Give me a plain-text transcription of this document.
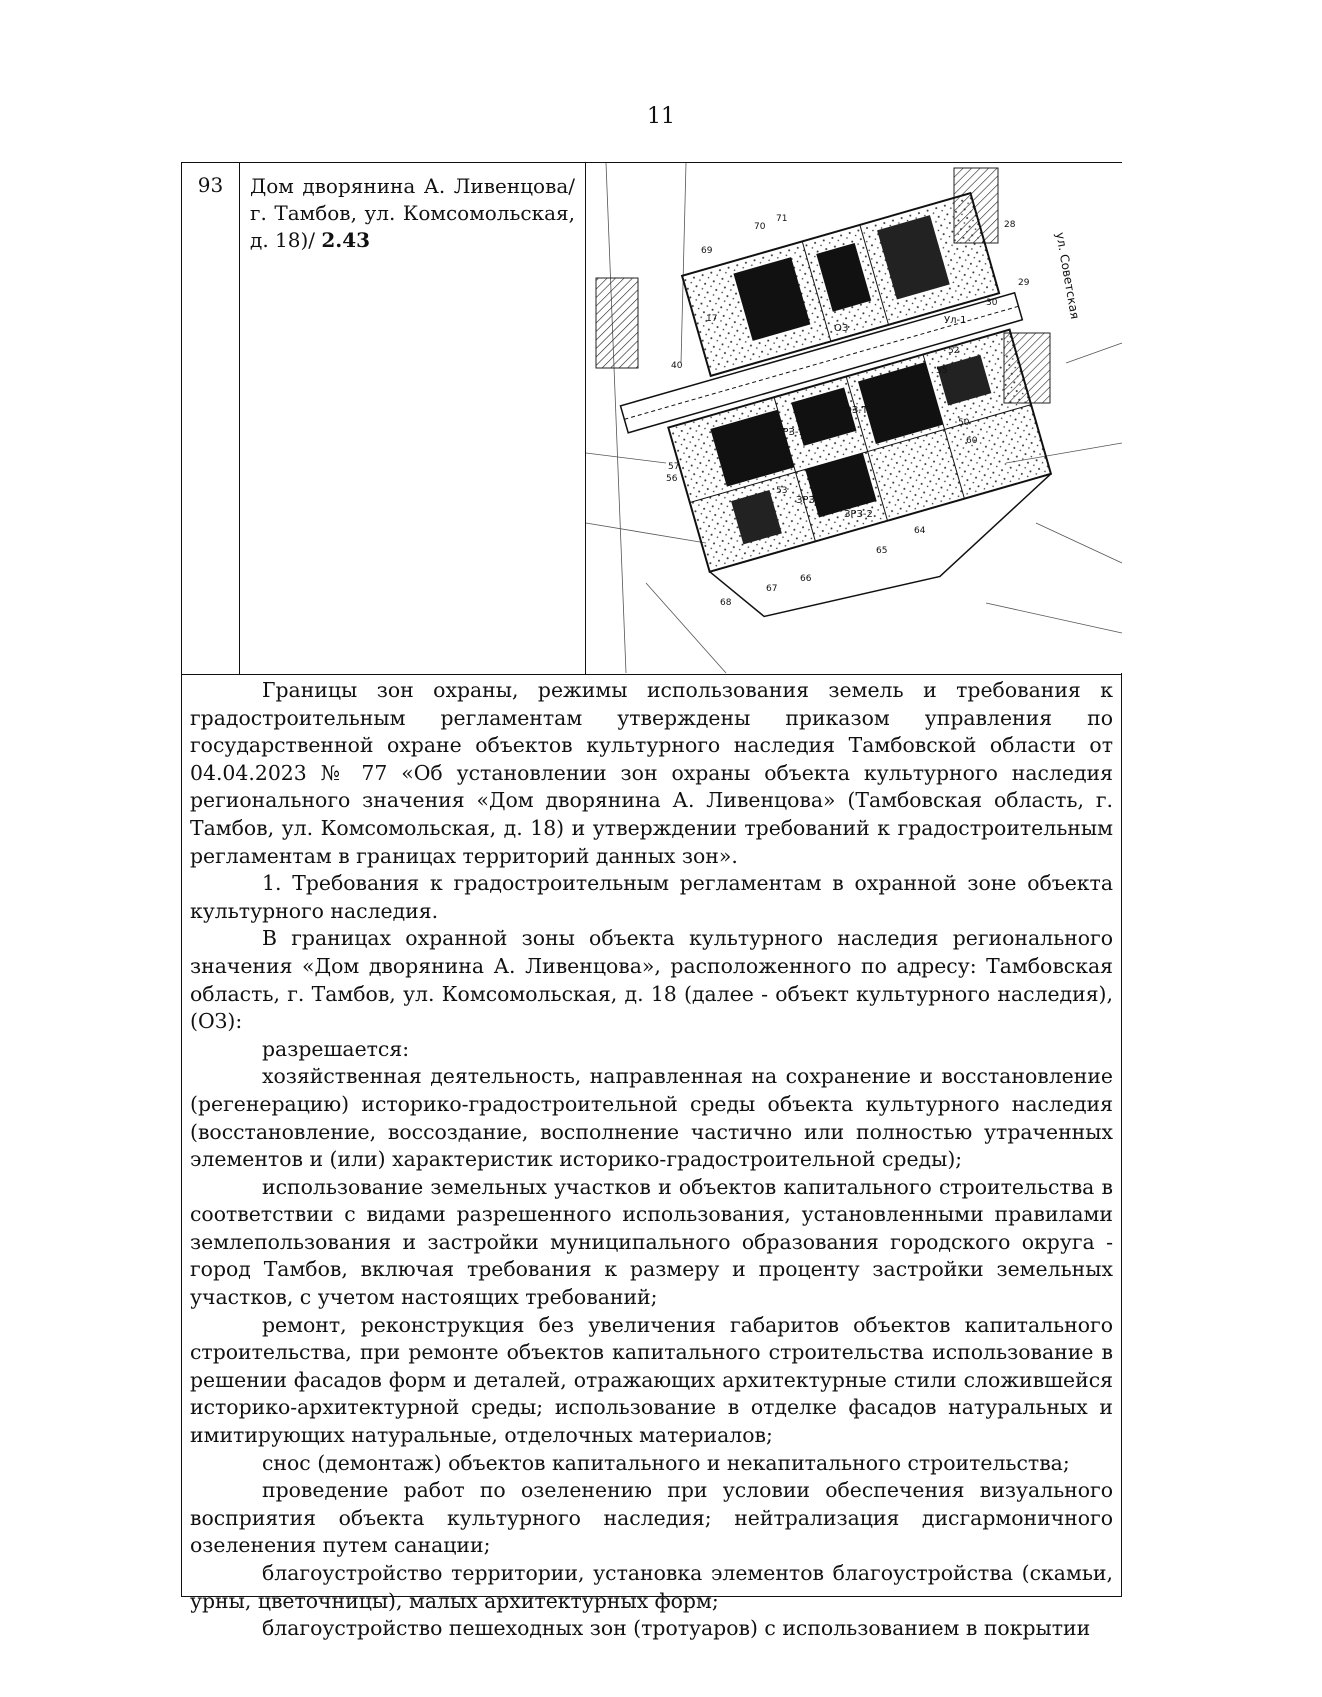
11
93	Дом дворянина А. Ливенцова/ г. Тамбов, ул. Комсомольская, д. 18)/ 2.43
ЗРЗ-1
ОЗ
ЗРЗ-1
ЗРЗ-2
ЗРЗ-1
ОЗ-Т
Ул-1
ул. Советская
17
29
30
40
50
52
53
55
56
57
60
64
65
66
67
68
69
70
71
28

Границы зон охраны, режимы использования земель и требования к градостроительным регламентам утверждены приказом управления по государственной охране объектов культурного наследия Тамбовской области от 04.04.2023 № 77 «Об установлении зон охраны объекта культурного наследия регионального значения «Дом дворянина А. Ливенцова» (Тамбовская область, г. Тамбов, ул. Комсомольская, д. 18) и утверждении требований к градостроительным регламентам в границах территорий данных зон».

1. Требования к градостроительным регламентам в охранной зоне объекта культурного наследия.

В границах охранной зоны объекта культурного наследия регионального значения «Дом дворянина А. Ливенцова», расположенного по адресу: Тамбовская область, г. Тамбов, ул. Комсомольская, д. 18 (далее - объект культурного наследия), (ОЗ):

разрешается:

хозяйственная деятельность, направленная на сохранение и восстановление (регенерацию) историко-градостроительной среды объекта культурного наследия (восстановление, воссоздание, восполнение частично или полностью утраченных элементов и (или) характеристик историко-градостроительной среды);

использование земельных участков и объектов капитального строительства в соответствии с видами разрешенного использования, установленными правилами землепользования и застройки муниципального образования городского округа - город Тамбов, включая требования к размеру и проценту застройки земельных участков, с учетом настоящих требований;

ремонт, реконструкция без увеличения габаритов объектов капитального строительства, при ремонте объектов капитального строительства использование в решении фасадов форм и деталей, отражающих архитектурные стили сложившейся историко-архитектурной среды; использование в отделке фасадов натуральных и имитирующих натуральные, отделочных материалов;

снос (демонтаж) объектов капитального и некапитального строительства;

проведение работ по озеленению при условии обеспечения визуального восприятия объекта культурного наследия; нейтрализация дисгармоничного озеленения путем санации;

благоустройство территории, установка элементов благоустройства (скамьи, урны, цветочницы), малых архитектурных форм;

благоустройство пешеходных зон (тротуаров) с использованием в покрытии
